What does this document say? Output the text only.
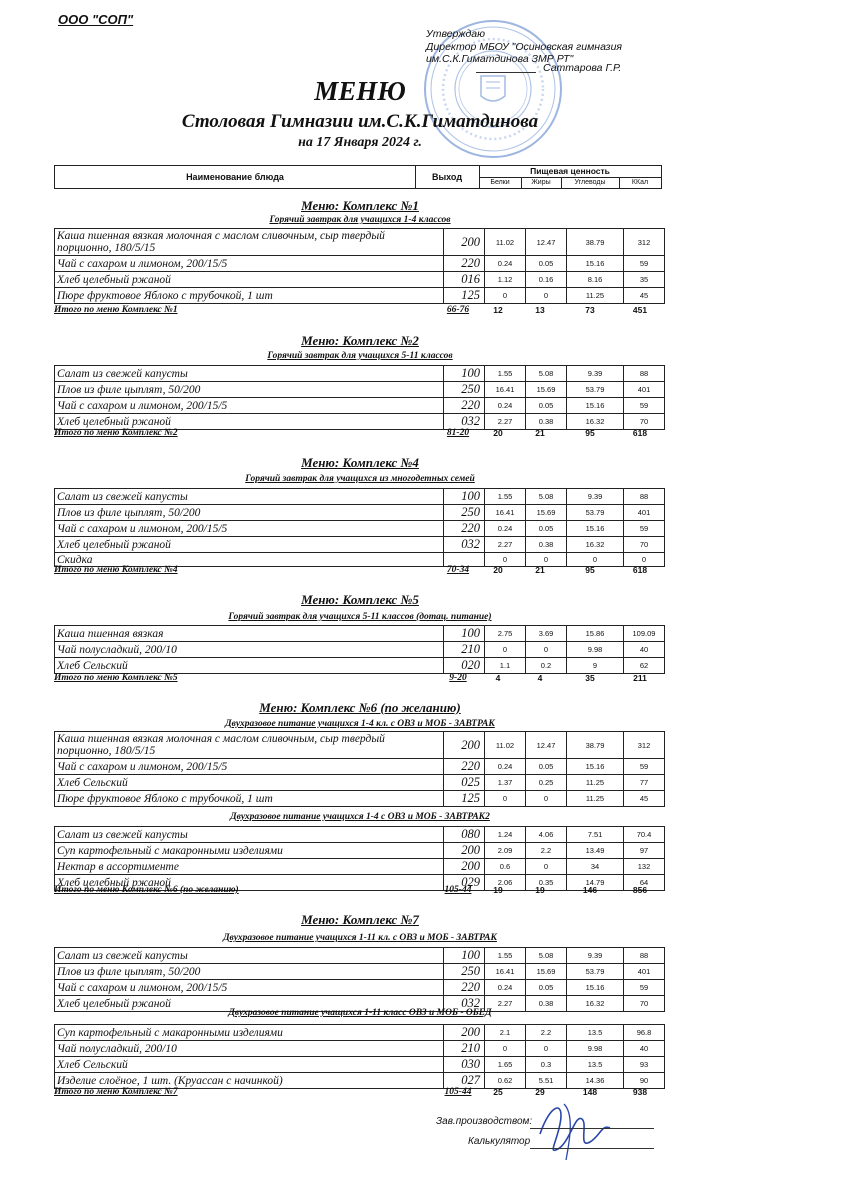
ООО "СОП"
Утверждаю
Директор МБОУ "Осиновская гимназия
им.С.К.Гиматдинова ЗМР РТ"
Саттарова Г.Р.
МЕНЮ
Столовая Гимназии им.С.К.Гиматдинова
на 17 Января 2024 г.
Наименование блюда	Выход
Пищевая ценность
Белки	Жиры	Углеводы	ККал
Меню: Комплекс №1
Горячий завтрак для учащихся 1-4 классов
Каша пшенная вязкая молочная с маслом сливочным, сыр твердый порционно, 180/5/15	200	11.02	12.47	38.79	312
Чай с сахаром и лимоном, 200/15/5	220	0.24	0.05	15.16	59
Хлеб целебный ржаной	016	1.12	0.16	8.16	35
Пюре фруктовое Яблоко с трубочкой, 1 шт	125	0	0	11.25	45
Итого по меню Комплекс №1	66-76	12	13	73	451
Меню: Комплекс №2
Горячий завтрак для учащихся 5-11 классов
Салат из свежей капусты	100	1.55	5.08	9.39	88
Плов из филе цыплят, 50/200	250	16.41	15.69	53.79	401
Чай с сахаром и лимоном, 200/15/5	220	0.24	0.05	15.16	59
Хлеб целебный ржаной	032	2.27	0.38	16.32	70
Итого по меню Комплекс №2	81-20	20	21	95	618
Меню: Комплекс №4
Горячий завтрак для учащихся из многодетных семей
Салат из свежей капусты	100	1.55	5.08	9.39	88
Плов из филе цыплят, 50/200	250	16.41	15.69	53.79	401
Чай с сахаром и лимоном, 200/15/5	220	0.24	0.05	15.16	59
Хлеб целебный ржаной	032	2.27	0.38	16.32	70
Скидка		0	0	0	0
Итого по меню Комплекс №4	70-34	20	21	95	618
Меню: Комплекс №5
Горячий завтрак для учащихся 5-11 классов (дотац. питание)
Каша пшенная вязкая	100	2.75	3.69	15.86	109.09
Чай полусладкий, 200/10	210	0	0	9.98	40
Хлеб Сельский	020	1.1	0.2	9	62
Итого по меню Комплекс №5	9-20	4	4	35	211
Меню: Комплекс №6 (по желанию)
Двухразовое питание учащихся 1-4 кл. с ОВЗ и МОБ - ЗАВТРАК
Каша пшенная вязкая молочная с маслом сливочным, сыр твердый порционно, 180/5/15	200	11.02	12.47	38.79	312
Чай с сахаром и лимоном, 200/15/5	220	0.24	0.05	15.16	59
Хлеб Сельский	025	1.37	0.25	11.25	77
Пюре фруктовое Яблоко с трубочкой, 1 шт	125	0	0	11.25	45
Двухразовое питание учащихся 1-4 с ОВЗ и МОБ - ЗАВТРАК2
Салат из свежей капусты	080	1.24	4.06	7.51	70.4
Суп картофельный с макаронными изделиями	200	2.09	2.2	13.49	97
Нектар в ассортименте	200	0.6	0	34	132
Хлеб целебный ржаной	029	2.06	0.35	14.79	64
Итого по меню Комплекс №6 (по желанию)	105-44	19	19	146	856
Меню: Комплекс №7
Двухразовое питание учащихся 1-11 кл. с ОВЗ и МОБ - ЗАВТРАК
Салат из свежей капусты	100	1.55	5.08	9.39	88
Плов из филе цыплят, 50/200	250	16.41	15.69	53.79	401
Чай с сахаром и лимоном, 200/15/5	220	0.24	0.05	15.16	59
Хлеб целебный ржаной	032	2.27	0.38	16.32	70
Двухразовое питание учащихся 1-11 класс ОВЗ и МОБ - ОБЕД
Суп картофельный с макаронными изделиями	200	2.1	2.2	13.5	96.8
Чай полусладкий, 200/10	210	0	0	9.98	40
Хлеб Сельский	030	1.65	0.3	13.5	93
Изделие слоёное, 1 шт. (Круассан с начинкой)	027	0.62	5.51	14.36	90
Итого по меню Комплекс №7	105-44	25	29	148	938
Зав.производством:
Калькулятор
